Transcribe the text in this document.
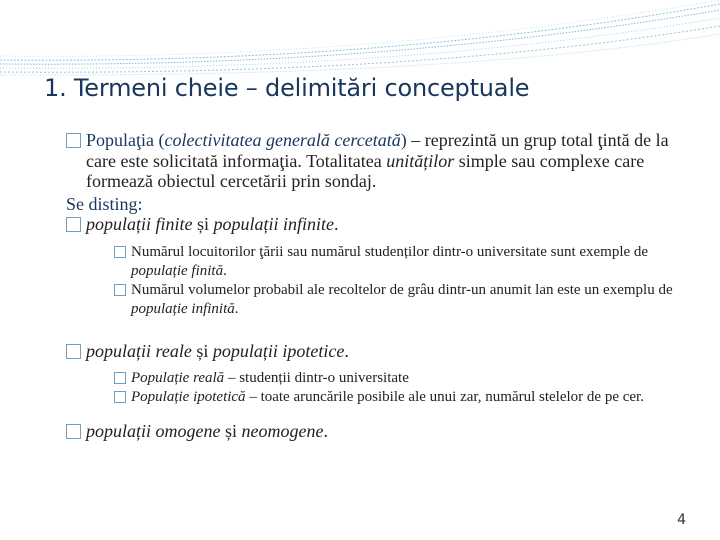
1. Termeni cheie – delimitări conceptuale
Populaţia (colectivitatea generală cercetată) – reprezintă un grup total ţintă de la care este solicitată informaţia. Totalitatea unităților simple sau complexe care formează obiectul cercetării prin sondaj.
Se disting:
populații finite și populații infinite.
Numărul locuitorilor ţării sau numărul studenților dintr-o universitate sunt exemple de populație finită.
Numărul volumelor probabil ale recoltelor de grâu dintr-un anumit lan este un exemplu de populație infinită.
populații reale și populații ipotetice.
Populație reală – studenții dintr-o universitate
Populație ipotetică – toate aruncările posibile ale unui zar, numărul stelelor de pe cer.
populații omogene și neomogene.
4
